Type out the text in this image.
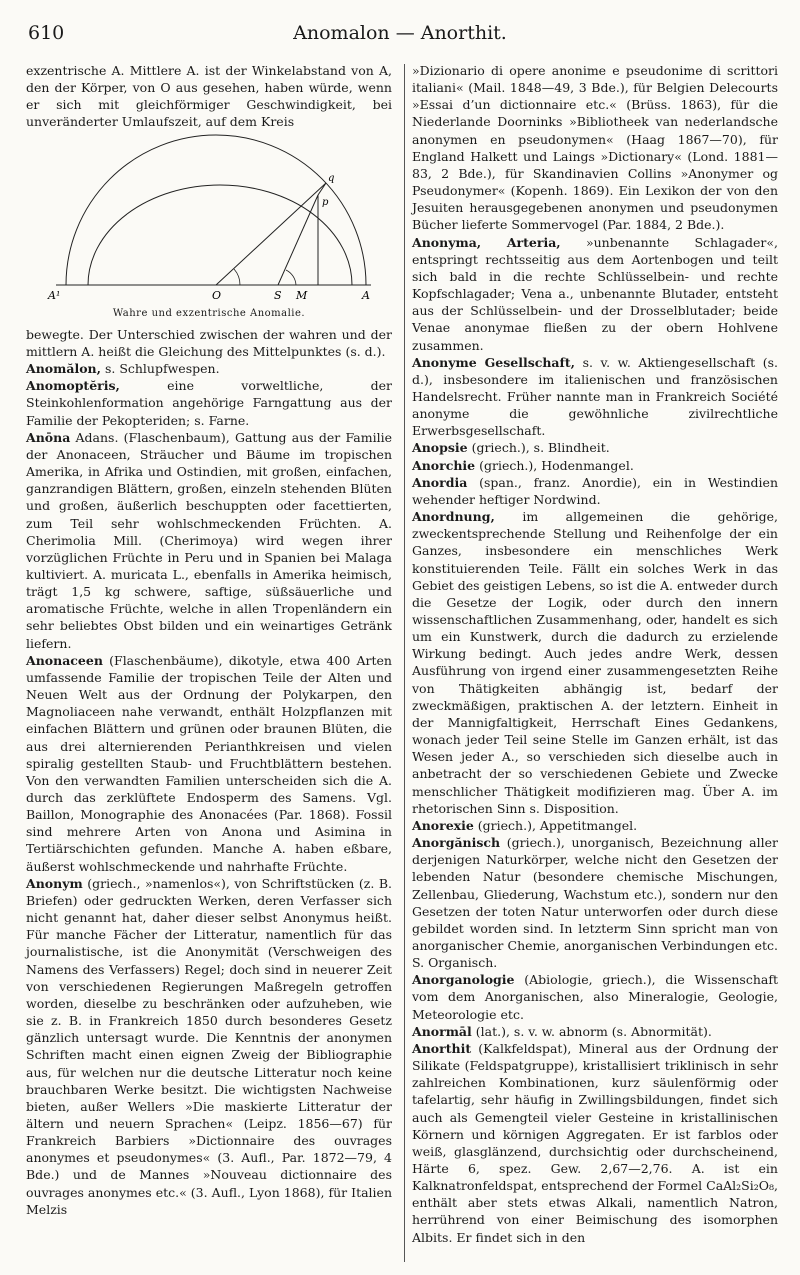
610	Anomalon — Anorthit.

exzentrische A. Mittlere A. ist der Winkelabstand von A, den der Körper, von O aus gesehen, haben würde, wenn er sich mit gleichförmiger Geschwindigkeit, bei unveränderter Umlaufszeit, auf dem Kreis

A¹	O	S M	A
p
q
Wahre und exzentrische Anomalie.

bewegte. Der Unterschied zwischen der wahren und der mittlern A. heißt die Gleichung des Mittelpunktes (s. d.).

Anomălon, s. Schlupfwespen.

Anomoptĕris, eine vorweltliche, der Steinkohlenformation angehörige Farngattung aus der Familie der Pekopteriden; s. Farne.

Anōna Adans. (Flaschenbaum), Gattung aus der Familie der Anonaceen, Sträucher und Bäume im tropischen Amerika, in Afrika und Ostindien, mit großen, einfachen, ganzrandigen Blättern, großen, einzeln stehenden Blüten und großen, äußerlich beschuppten oder facettierten, zum Teil sehr wohlschmeckenden Früchten. A. Cherimolia Mill. (Cherimoya) wird wegen ihrer vorzüglichen Früchte in Peru und in Spanien bei Malaga kultiviert. A. muricata L., ebenfalls in Amerika heimisch, trägt 1,5 kg schwere, saftige, süßsäuerliche und aromatische Früchte, welche in allen Tropenländern ein sehr beliebtes Obst bilden und ein weinartiges Getränk liefern.

Anonaceen (Flaschenbäume), dikotyle, etwa 400 Arten umfassende Familie der tropischen Teile der Alten und Neuen Welt aus der Ordnung der Polykarpen, den Magnoliaceen nahe verwandt, enthält Holzpflanzen mit einfachen Blättern und grünen oder braunen Blüten, die aus drei alternierenden Perianthkreisen und vielen spiralig gestellten Staub- und Fruchtblättern bestehen. Von den verwandten Familien unterscheiden sich die A. durch das zerklüftete Endosperm des Samens. Vgl. Baillon, Monographie des Anonacées (Par. 1868). Fossil sind mehrere Arten von Anona und Asimina in Tertiärschichten gefunden. Manche A. haben eßbare, äußerst wohlschmeckende und nahrhafte Früchte.

Anonym (griech., »namenlos«), von Schriftstücken (z. B. Briefen) oder gedruckten Werken, deren Verfasser sich nicht genannt hat, daher dieser selbst Anonymus heißt. Für manche Fächer der Litteratur, namentlich für das journalistische, ist die Anonymität (Verschweigen des Namens des Verfassers) Regel; doch sind in neuerer Zeit von verschiedenen Regierungen Maßregeln getroffen worden, dieselbe zu beschränken oder aufzuheben, wie sie z. B. in Frankreich 1850 durch besonderes Gesetz gänzlich untersagt wurde. Die Kenntnis der anonymen Schriften macht einen eignen Zweig der Bibliographie aus, für welchen nur die deutsche Litteratur noch keine brauchbaren Werke besitzt. Die wichtigsten Nachweise bieten, außer Wellers »Die maskierte Litteratur der ältern und neuern Sprachen« (Leipz. 1856—67) für Frankreich Barbiers »Dictionnaire des ouvrages anonymes et pseudonymes« (3. Aufl., Par. 1872—79, 4 Bde.) und de Mannes »Nouveau dictionnaire des ouvrages anonymes etc.« (3. Aufl., Lyon 1868), für Italien Melzis

»Dizionario di opere anonime e pseudonime di scrittori italiani« (Mail. 1848—49, 3 Bde.), für Belgien Delecourts »Essai d’un dictionnaire etc.« (Brüss. 1863), für die Niederlande Doorninks »Bibliotheek van nederlandsche anonymen en pseudonymen« (Haag 1867—70), für England Halkett und Laings »Dictionary« (Lond. 1881—83, 2 Bde.), für Skandinavien Collins »Anonymer og Pseudonymer« (Kopenh. 1869). Ein Lexikon der von den Jesuiten herausgegebenen anonymen und pseudonymen Bücher lieferte Sommervogel (Par. 1884, 2 Bde.).

Anonyma, Arteria, »unbenannte Schlagader«, entspringt rechtsseitig aus dem Aortenbogen und teilt sich bald in die rechte Schlüsselbein- und rechte Kopfschlagader; Vena a., unbenannte Blutader, entsteht aus der Schlüsselbein- und der Drosselblutader; beide Venae anonymae fließen zu der obern Hohlvene zusammen.

Anonyme Gesellschaft, s. v. w. Aktiengesellschaft (s. d.), insbesondere im italienischen und französischen Handelsrecht. Früher nannte man in Frankreich Société anonyme die gewöhnliche zivilrechtliche Erwerbsgesellschaft.

Anopsie (griech.), s. Blindheit.

Anorchie (griech.), Hodenmangel.

Anordia (span., franz. Anordie), ein in Westindien wehender heftiger Nordwind.

Anordnung, im allgemeinen die gehörige, zweckentsprechende Stellung und Reihenfolge der ein Ganzes, insbesondere ein menschliches Werk konstituierenden Teile. Fällt ein solches Werk in das Gebiet des geistigen Lebens, so ist die A. entweder durch die Gesetze der Logik, oder durch den innern wissenschaftlichen Zusammenhang, oder, handelt es sich um ein Kunstwerk, durch die dadurch zu erzielende Wirkung bedingt. Auch jedes andre Werk, dessen Ausführung von irgend einer zusammengesetzten Reihe von Thätigkeiten abhängig ist, bedarf der zweckmäßigen, praktischen A. der letztern. Einheit in der Mannigfaltigkeit, Herrschaft Eines Gedankens, wonach jeder Teil seine Stelle im Ganzen erhält, ist das Wesen jeder A., so verschieden sich dieselbe auch in anbetracht der so verschiedenen Gebiete und Zwecke menschlicher Thätigkeit modifizieren mag. Über A. im rhetorischen Sinn s. Disposition.

Anorexie (griech.), Appetitmangel.

Anorgănisch (griech.), unorganisch, Bezeichnung aller derjenigen Naturkörper, welche nicht den Gesetzen der lebenden Natur (besondere chemische Mischungen, Zellenbau, Gliederung, Wachstum etc.), sondern nur den Gesetzen der toten Natur unterworfen oder durch diese gebildet worden sind. In letzterm Sinn spricht man von anorganischer Chemie, anorganischen Verbindungen etc. S. Organisch.

Anorganologie (Abiologie, griech.), die Wissenschaft vom dem Anorganischen, also Mineralogie, Geologie, Meteorologie etc.

Anormāl (lat.), s. v. w. abnorm (s. Abnormität).

Anorthit (Kalkfeldspat), Mineral aus der Ordnung der Silikate (Feldspatgruppe), kristallisiert triklinisch in sehr zahlreichen Kombinationen, kurz säulenförmig oder tafelartig, sehr häufig in Zwillingsbildungen, findet sich auch als Gemengteil vieler Gesteine in kristallinischen Körnern und körnigen Aggregaten. Er ist farblos oder weiß, glasglänzend, durchsichtig oder durchscheinend, Härte 6, spez. Gew. 2,67—2,76. A. ist ein Kalknatronfeldspat, entsprechend der Formel CaAl₂Si₂O₈, enthält aber stets etwas Alkali, namentlich Natron, herrührend von einer Beimischung des isomorphen Albits. Er findet sich in den
